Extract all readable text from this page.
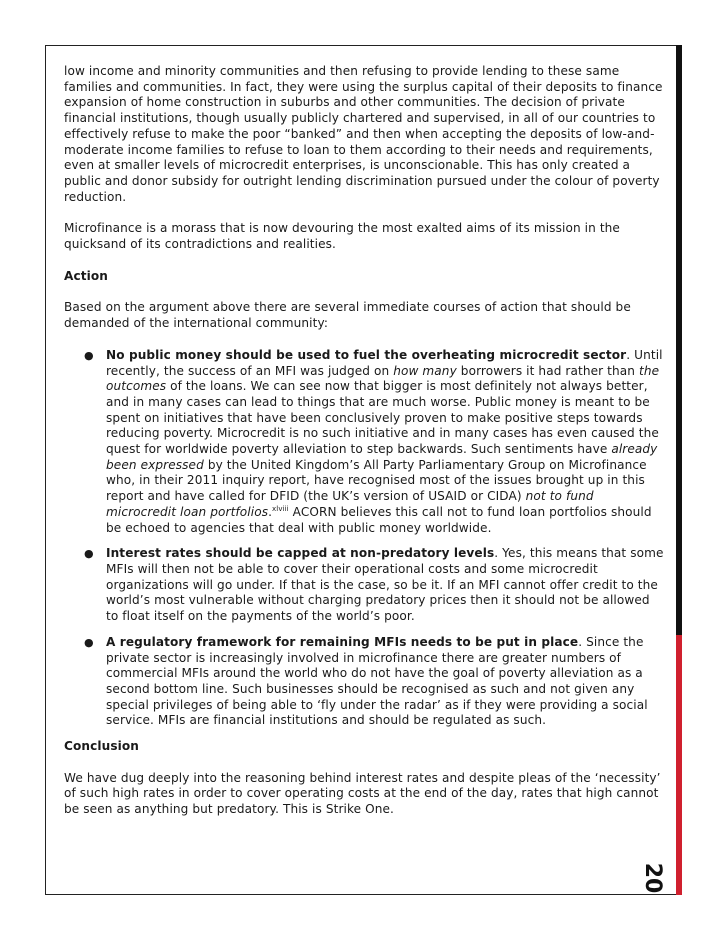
low income and minority communities and then refusing to provide lending to these same families and communities. In fact, they were using the surplus capital of their deposits to finance expansion of home construction in suburbs and other communities. The decision of private financial institutions, though usually publicly chartered and supervised, in all of our countries to effectively refuse to make the poor “banked” and then when accepting the deposits of low-and-moderate income families to refuse to loan to them according to their needs and requirements, even at smaller levels of microcredit enterprises, is unconscionable. This has only created a public and donor subsidy for outright lending discrimination pursued under the colour of poverty reduction.

Microfinance is a morass that is now devouring the most exalted aims of its mission in the quicksand of its contradictions and realities.

Action

Based on the argument above there are several immediate courses of action that should be demanded of the international community:

● No public money should be used to fuel the overheating microcredit sector. Until recently, the success of an MFI was judged on how many borrowers it had rather than the outcomes of the loans. We can see now that bigger is most definitely not always better, and in many cases can lead to things that are much worse. Public money is meant to be spent on initiatives that have been conclusively proven to make positive steps towards reducing poverty. Microcredit is no such initiative and in many cases has even caused the quest for worldwide poverty alleviation to step backwards. Such sentiments have already been expressed by the United Kingdom’s All Party Parliamentary Group on Microfinance who, in their 2011 inquiry report, have recognised most of the issues brought up in this report and have called for DFID (the UK’s version of USAID or CIDA) not to fund microcredit loan portfolios.$^{xlviii}$ ACORN believes this call not to fund loan portfolios should be echoed to agencies that deal with public money worldwide.
● Interest rates should be capped at non-predatory levels. Yes, this means that some MFIs will then not be able to cover their operational costs and some microcredit organizations will go under. If that is the case, so be it. If an MFI cannot offer credit to the world’s most vulnerable without charging predatory prices then it should not be allowed to float itself on the payments of the world’s poor.
● A regulatory framework for remaining MFIs needs to be put in place. Since the private sector is increasingly involved in microfinance there are greater numbers of commercial MFIs around the world who do not have the goal of poverty alleviation as a second bottom line. Such businesses should be recognised as such and not given any special privileges of being able to ‘fly under the radar’ as if they were providing a social service. MFIs are financial institutions and should be regulated as such.
Conclusion

We have dug deeply into the reasoning behind interest rates and despite pleas of the ‘necessity’ of such high rates in order to cover operating costs at the end of the day, rates that high cannot be seen as anything but predatory. This is Strike One.

20
